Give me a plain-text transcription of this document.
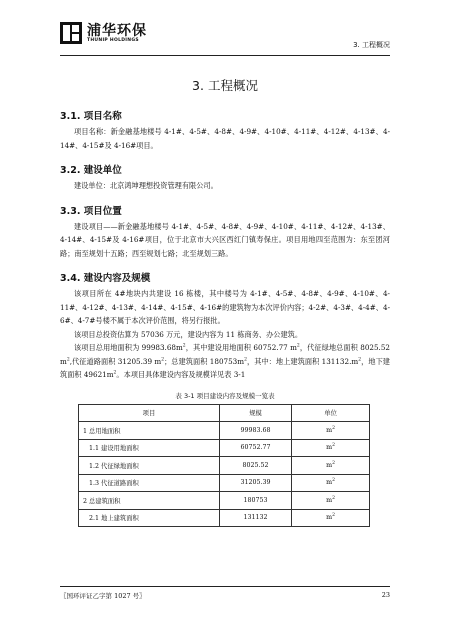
浦华环保
THUNIP HOLDINGS
3. 工程概况
3. 工程概况
3.1. 项目名称

项目名称：新金融基地楼号 4-1#、4-5#、4-8#、4-9#、4-10#、4-11#、4-12#、4-13#、4-14#、4-15#及 4-16#项目。

3.2. 建设单位

建设单位：北京鸿坤理想投资管理有限公司。

3.3. 项目位置

建设项目——新金融基地楼号 4-1#、4-5#、4-8#、4-9#、4-10#、4-11#、4-12#、4-13#、4-14#、4-15#及 4-16#项目，位于北京市大兴区西红门镇寿保庄。项目用地四至范围为：东至团河路；南至规划十五路；西至规划七路；北至规划三路。

3.4. 建设内容及规模

该项目所在 4#地块内共建设 16 栋楼，其中楼号为 4-1#、4-5#、4-8#、4-9#、4-10#、4-11#、4-12#、4-13#、4-14#、4-15#、4-16#的建筑物为本次评价内容；4-2#、4-3#、4-4#、4-6#、4-7#号楼不属于本次评价范围，将另行报批。

该项目总投资估算为 57036 万元，建设内容为 11 栋商务、办公建筑。

该项目总用地面积为 $99983.68m^2$，其中建设用地面积 60752.77 $m^2$，代征绿地总面积 8025.52 $m^2$,代征道路面积 31205.39 $m^2$；总建筑面积 $180753m^2$，其中：地上建筑面积 $131132.m^2$，地下建筑面积 $49621m^2$。本项目具体建设内容及规模详见表 3-1

表 3-1 项目建设内容及规模一览表
项目	规模	单位
1 总用地面积	99983.68	$m^2$
1.1 建设用地面积	60752.77	$m^2$
1.2 代征绿地面积	8025.52	$m^2$
1.3 代征道路面积	31205.39	$m^2$
2 总建筑面积	180753	$m^2$
2.1 地上建筑面积	131132	$m^2$
〖国环评证乙字第 1027 号〗	23
